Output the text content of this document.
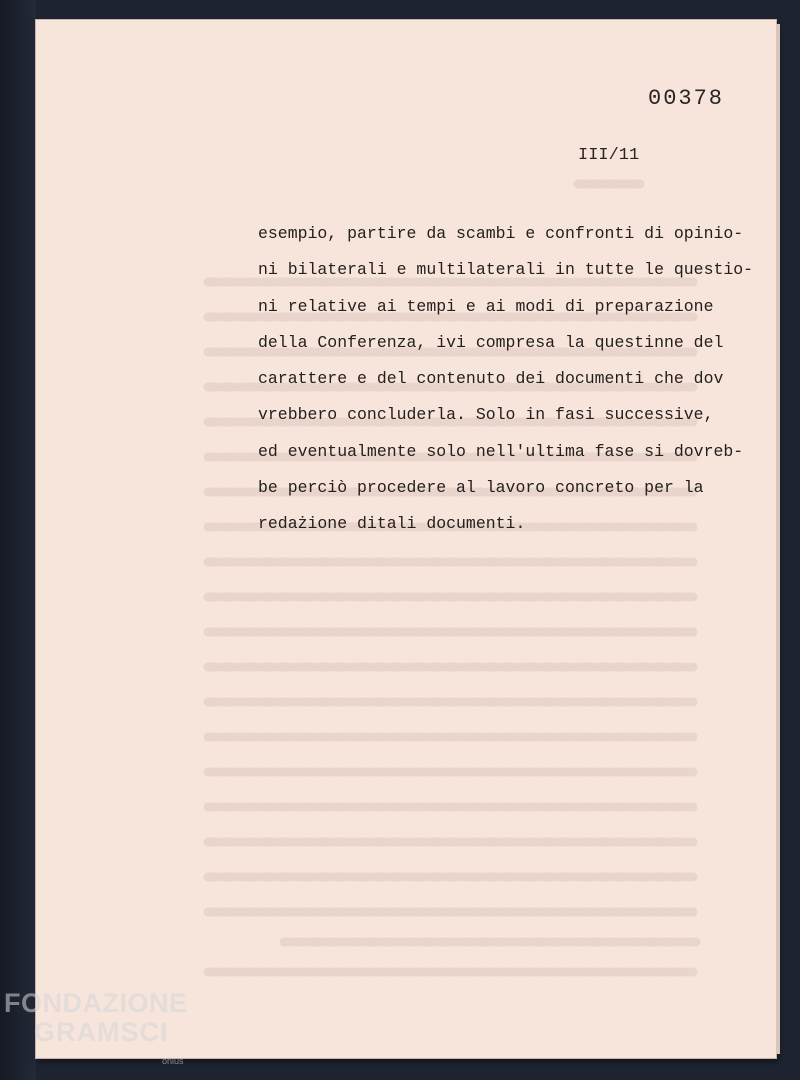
00378
III/11
esempio, partire da scambi e confronti di opinio-
ni bilaterali e multilaterali in tutte le questio-
ni relative ai tempi e ai modi di preparazione
della Conferenza, ivi compresa la questinne del
carattere e del contenuto dei documenti che dov
vrebbero concluderla. Solo in fasi successive,
ed eventualmente solo nell'ultima fase si dovreb-
be perciò procedere al lavoro concreto per la
redażione ditali documenti.
FONDAZIONE
GRAMSCI
onlus
